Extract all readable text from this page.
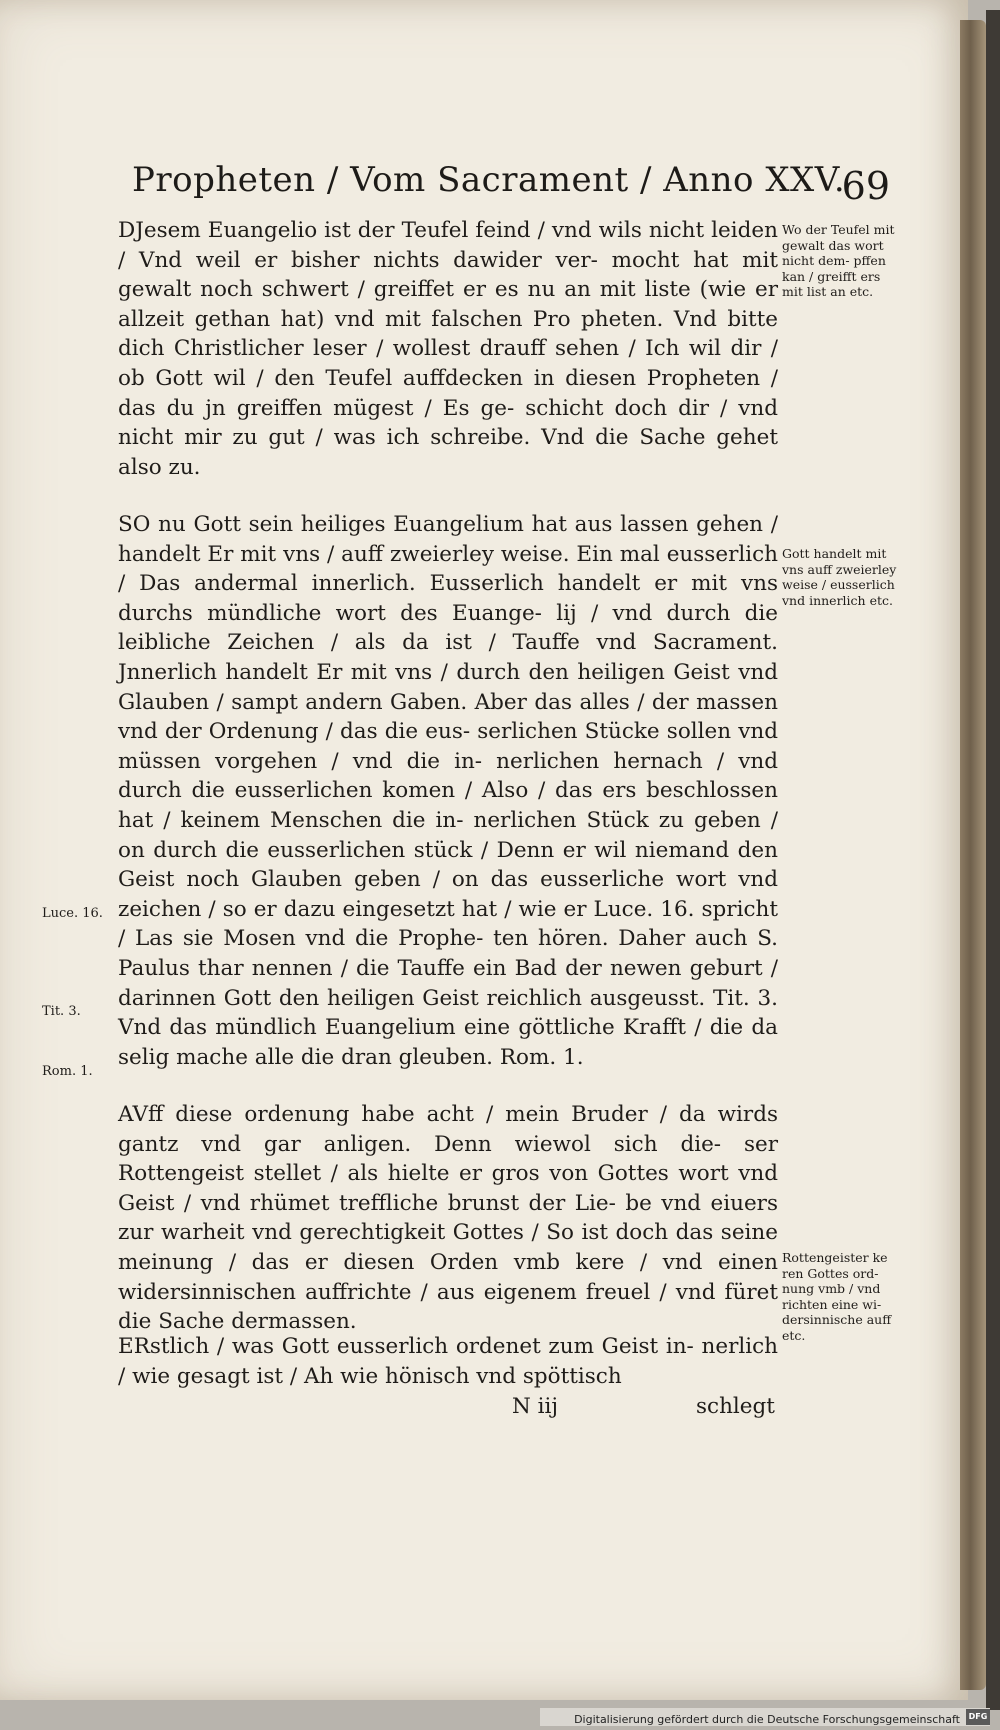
Propheten / Vom Sacrament / Anno XXV.
69

DJesem Euangelio ist der Teufel feind / vnd wils nicht leiden / Vnd weil er bisher nichts dawider ver- mocht hat mit gewalt noch schwert / greiffet er es nu an mit liste (wie er allzeit gethan hat) vnd mit falschen Pro pheten. Vnd bitte dich Christlicher leser / wollest drauff sehen / Ich wil dir / ob Gott wil / den Teufel auffdecken in diesen Propheten / das du jn greiffen mügest / Es ge- schicht doch dir / vnd nicht mir zu gut / was ich schreibe. Vnd die Sache gehet also zu.

SO nu Gott sein heiliges Euangelium hat aus lassen gehen / handelt Er mit vns / auff zweierley weise. Ein mal eusserlich / Das andermal innerlich. Eusserlich handelt er mit vns durchs mündliche wort des Euange- lij / vnd durch die leibliche Zeichen / als da ist / Tauffe vnd Sacrament. Jnnerlich handelt Er mit vns / durch den heiligen Geist vnd Glauben / sampt andern Gaben. Aber das alles / der massen vnd der Ordenung / das die eus- serlichen Stücke sollen vnd müssen vorgehen / vnd die in- nerlichen hernach / vnd durch die eusserlichen komen / Also / das ers beschlossen hat / keinem Menschen die in- nerlichen Stück zu geben / on durch die eusserlichen stück / Denn er wil niemand den Geist noch Glauben geben / on das eusserliche wort vnd zeichen / so er dazu eingesetzt hat / wie er Luce. 16. spricht / Las sie Mosen vnd die Prophe- ten hören. Daher auch S. Paulus thar nennen / die Tauffe ein Bad der newen geburt / darinnen Gott den heiligen Geist reichlich ausgeusst. Tit. 3. Vnd das mündlich Euangelium eine göttliche Krafft / die da selig mache alle die dran gleuben. Rom. 1.

AVff diese ordenung habe acht / mein Bruder / da wirds gantz vnd gar anligen. Denn wiewol sich die- ser Rottengeist stellet / als hielte er gros von Gottes wort vnd Geist / vnd rhümet treffliche brunst der Lie- be vnd eiuers zur warheit vnd gerechtigkeit Gottes / So ist doch das seine meinung / das er diesen Orden vmb kere / vnd einen widersinnischen auffrichte / aus eigenem freuel / vnd füret die Sache dermassen.

ERstlich / was Gott eusserlich ordenet zum Geist in- nerlich / wie gesagt ist / Ah wie hönisch vnd spöttisch

N iij	schlegt

Wo der Teufel mit gewalt das wort nicht dem- pffen kan / greifft ers mit list an etc.

Gott handelt mit vns auff zweierley weise / eusserlich vnd innerlich etc.

Rottengeister ke ren Gottes ord- nung vmb / vnd richten eine wi- dersinnische auff etc.

Luce. 16.
Tit. 3.
Rom. 1.
Digitalisierung gefördert durch die Deutsche Forschungsgemeinschaft	DFG
